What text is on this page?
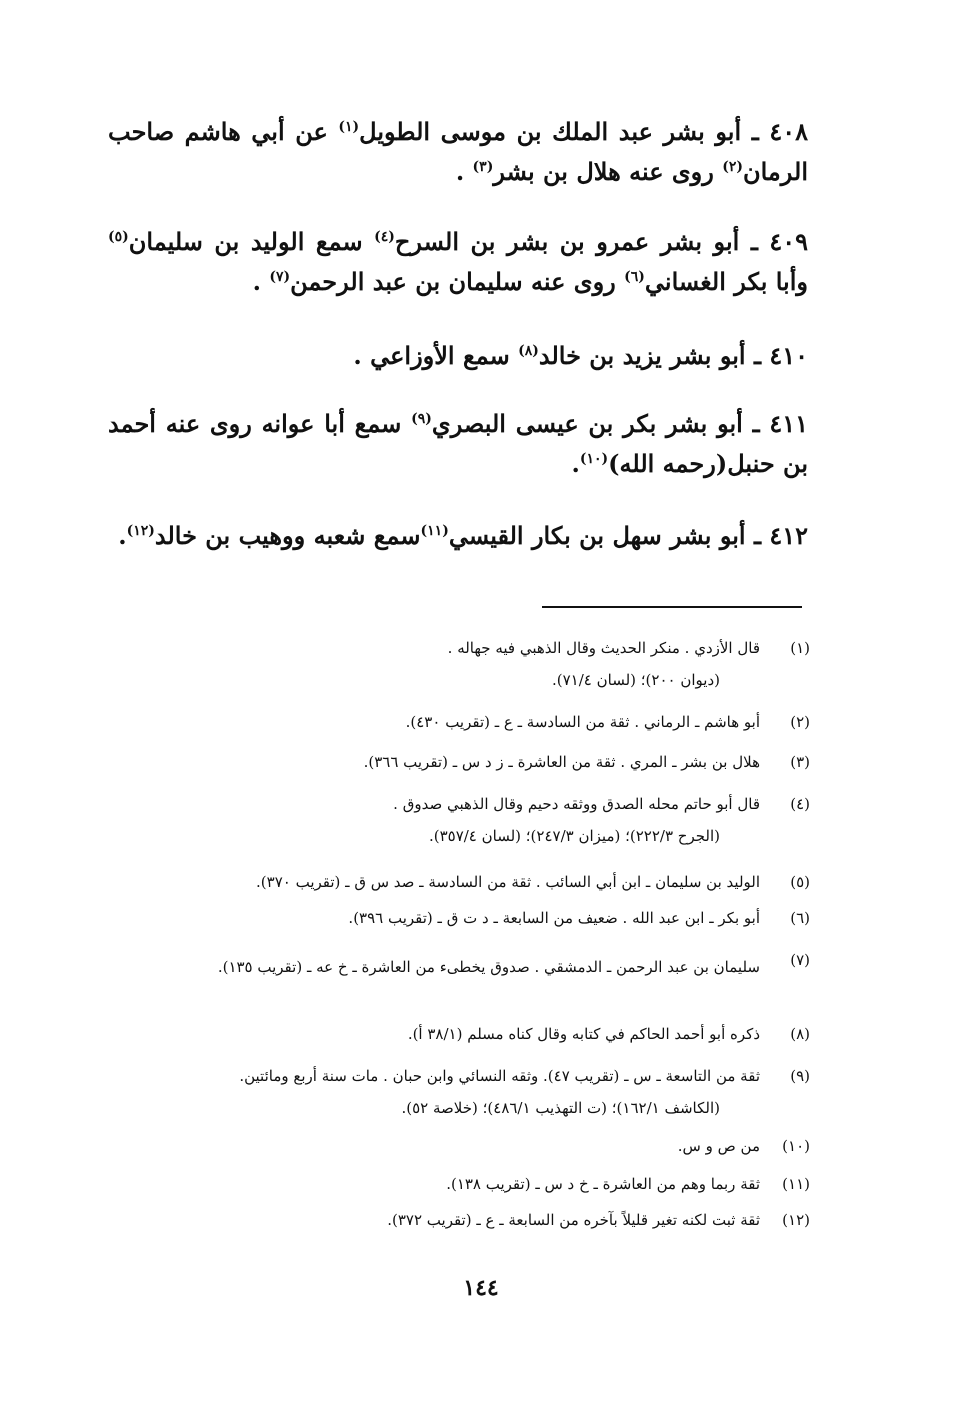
٤٠٨ ـ أبو بشر عبد الملك بن موسى الطويل$^{(١)}$ عن أبي هاشم صاحب الرمان$^{(٢)}$ روى عنه هلال بن بشر$^{(٣)}$ .
٤٠٩ ـ أبو بشر عمرو بن بشر بن السرح$^{(٤)}$ سمع الوليد بن سليمان$^{(٥)}$ وأبا بكر الغساني$^{(٦)}$ روى عنه سليمان بن عبد الرحمن$^{(٧)}$ .
٤١٠ ـ أبو بشر يزيد بن خالد$^{(٨)}$ سمع الأوزاعي .
٤١١ ـ أبو بشر بكر بن عيسى البصري$^{(٩)}$ سمع أبا عوانه روى عنه أحمد بن حنبل(رحمه الله)$^{(١٠)}$.
٤١٢ ـ أبو بشر سهل بن بكار القيسي$^{(١١)}$سمع شعبه ووهيب بن خالد$^{(١٢)}$.
(١)
قال الأزدي . منكر الحديث وقال الذهبي فيه جهاله .
(ديوان ٢٠٠)؛ (لسان ٧١/٤).
(٢)
أبو هاشم ـ الرماني . ثقة من السادسة ـ ع ـ (تقريب ٤٣٠).
(٣)
هلال بن بشر ـ المري . ثقة من العاشرة ـ ز د س ـ (تقريب ٣٦٦).
(٤)
قال أبو حاتم محله الصدق ووثقه دحيم وقال الذهبي صدوق .
(الجرح ٢٢٢/٣)؛ (ميزان ٢٤٧/٣)؛ (لسان ٣٥٧/٤).
(٥)
الوليد بن سليمان ـ ابن أبي السائب . ثقة من السادسة ـ صد س ق ـ (تقريب ٣٧٠).
(٦)
أبو بكر ـ ابن عبد الله . ضعيف من السابعة ـ د ت ق ـ (تقريب ٣٩٦).
(٧)
سليمان بن عبد الرحمن ـ الدمشقي . صدوق يخطىء من العاشرة ـ خ عه ـ (تقريب ١٣٥).
(٨)
ذكره أبو أحمد الحاكم في كتابه وقال كناه مسلم (٣٨/١ أ).
(٩)
ثقة من التاسعة ـ س ـ (تقريب ٤٧). وثقه النسائي وابن حبان . مات سنة أربع ومائتين.
(الكاشف ١٦٢/١)؛ (ت التهذيب ٤٨٦/١)؛ (خلاصة ٥٢).
(١٠)
من ص و س.
(١١)
ثقة ربما وهم من العاشرة ـ خ د س ـ (تقريب ١٣٨).
(١٢)
ثقة ثبت لكنه تغير قليلاً بآخره من السابعة ـ ع ـ (تقريب ٣٧٢).
١٤٤
